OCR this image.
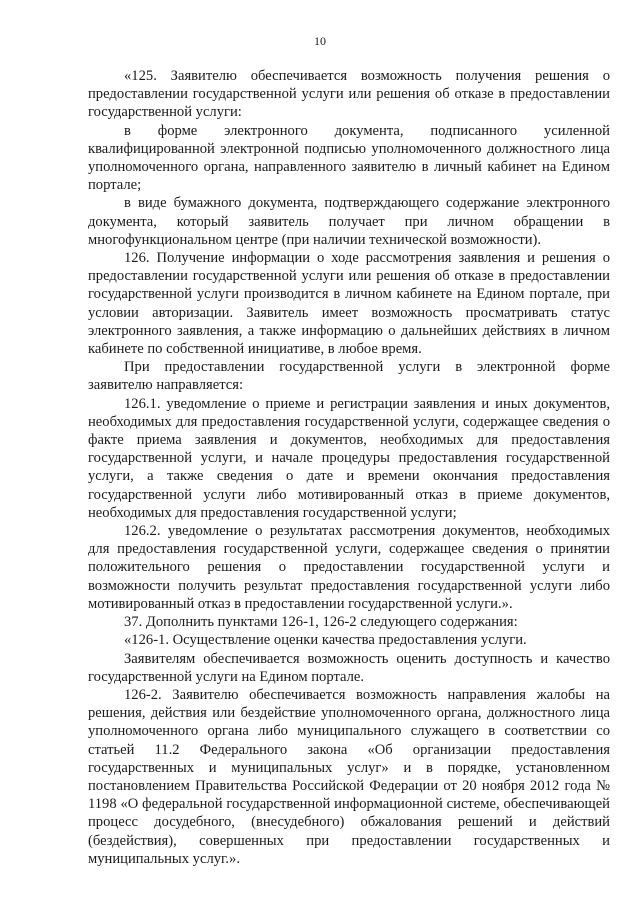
10

«125. Заявителю обеспечивается возможность получения решения о предоставлении государственной услуги или решения об отказе в предоставлении государственной услуги:

в форме электронного документа, подписанного усиленной квалифицированной электронной подписью уполномоченного должностного лица уполномоченного органа, направленного заявителю в личный кабинет на Едином портале;

в виде бумажного документа, подтверждающего содержание электронного документа, который заявитель получает при личном обращении в многофункциональном центре (при наличии технической возможности).

126. Получение информации о ходе рассмотрения заявления и решения о предоставлении государственной услуги или решения об отказе в предоставлении государственной услуги производится в личном кабинете на Едином портале, при условии авторизации. Заявитель имеет возможность просматривать статус электронного заявления, а также информацию о дальнейших действиях в личном кабинете по собственной инициативе, в любое время.

При предоставлении государственной услуги в электронной форме заявителю направляется:

126.1. уведомление о приеме и регистрации заявления и иных документов, необходимых для предоставления государственной услуги, содержащее сведения о факте приема заявления и документов, необходимых для предоставления государственной услуги, и начале процедуры предоставления государственной услуги, а также сведения о дате и времени окончания предоставления государственной услуги либо мотивированный отказ в приеме документов, необходимых для предоставления государственной услуги;

126.2. уведомление о результатах рассмотрения документов, необходимых для предоставления государственной услуги, содержащее сведения о принятии положительного решения о предоставлении государственной услуги и возможности получить результат предоставления государственной услуги либо мотивированный отказ в предоставлении государственной услуги.».

37. Дополнить пунктами 126-1, 126-2 следующего содержания:

«126-1. Осуществление оценки качества предоставления услуги.

Заявителям обеспечивается возможность оценить доступность и качество государственной услуги на Едином портале.

126-2. Заявителю обеспечивается возможность направления жалобы на решения, действия или бездействие уполномоченного органа, должностного лица уполномоченного органа либо муниципального служащего в соответствии со статьей 11.2 Федерального закона «Об организации предоставления государственных и муниципальных услуг» и в порядке, установленном постановлением Правительства Российской Федерации от 20 ноября 2012 года № 1198 «О федеральной государственной информационной системе, обеспечивающей процесс досудебного, (внесудебного) обжалования решений и действий (бездействия), совершенных при предоставлении государственных и муниципальных услуг.».
